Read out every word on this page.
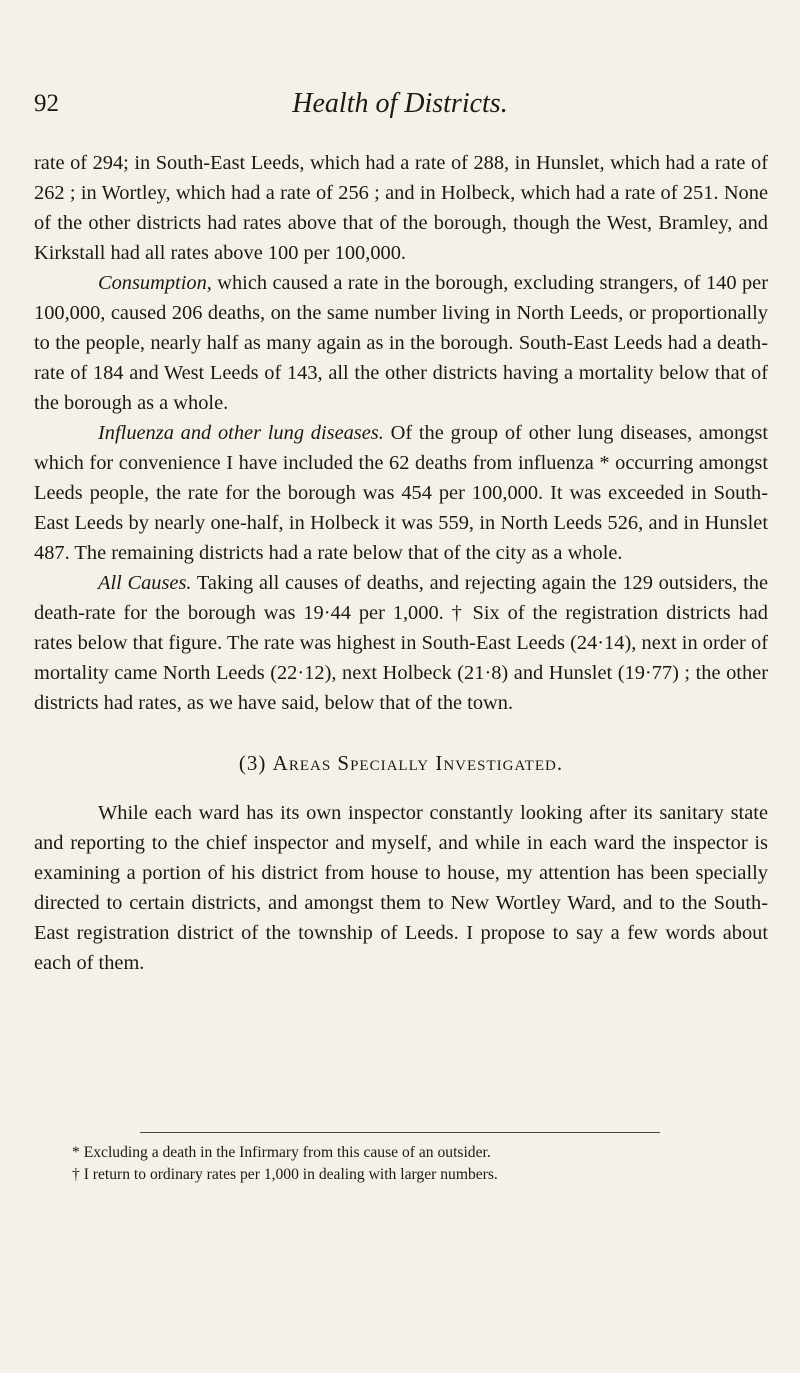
92	Health of Districts.

rate of 294; in South-East Leeds, which had a rate of 288, in Hunslet, which had a rate of 262 ; in Wortley, which had a rate of 256 ; and in Holbeck, which had a rate of 251. None of the other districts had rates above that of the borough, though the West, Bramley, and Kirkstall had all rates above 100 per 100,000.

Consumption, which caused a rate in the borough, excluding strangers, of 140 per 100,000, caused 206 deaths, on the same number living in North Leeds, or proportionally to the people, nearly half as many again as in the borough. South-East Leeds had a death-rate of 184 and West Leeds of 143, all the other districts having a mortality below that of the borough as a whole.

Influenza and other lung diseases. Of the group of other lung diseases, amongst which for convenience I have included the 62 deaths from influenza * occurring amongst Leeds people, the rate for the borough was 454 per 100,000. It was exceeded in South-East Leeds by nearly one-half, in Holbeck it was 559, in North Leeds 526, and in Hunslet 487. The remaining districts had a rate below that of the city as a whole.

All Causes. Taking all causes of deaths, and rejecting again the 129 outsiders, the death-rate for the borough was 19·44 per 1,000. † Six of the registration districts had rates below that figure. The rate was highest in South-East Leeds (24·14), next in order of mortality came North Leeds (22·12), next Holbeck (21·8) and Hunslet (19·77) ; the other districts had rates, as we have said, below that of the town.

(3) Areas Specially Investigated.

While each ward has its own inspector constantly looking after its sanitary state and reporting to the chief inspector and myself, and while in each ward the inspector is examining a portion of his district from house to house, my attention has been specially directed to certain districts, and amongst them to New Wortley Ward, and to the South-East registration district of the township of Leeds. I propose to say a few words about each of them.

* Excluding a death in the Infirmary from this cause of an outsider.

† I return to ordinary rates per 1,000 in dealing with larger numbers.
